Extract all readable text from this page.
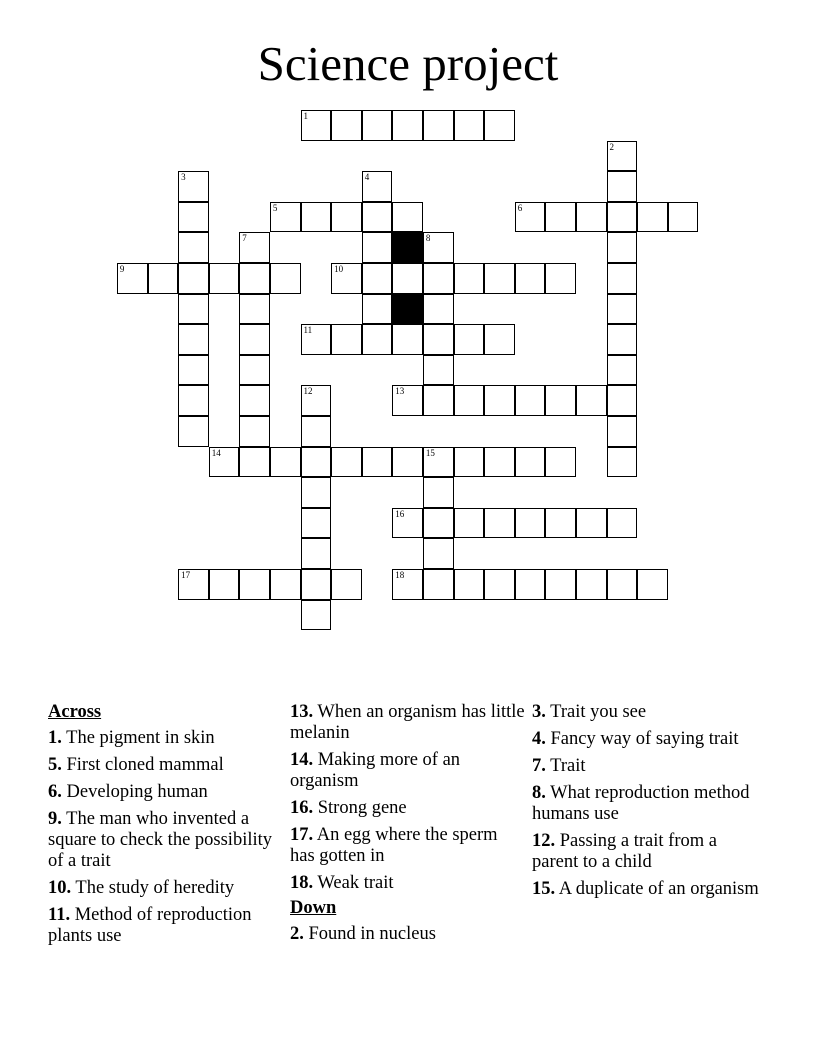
Science project
1
2
3	4
5	6
7	8
9	10
11
12	13
14	15
16
17	18
Across
1. The pigment in skin
5. First cloned mammal
6. Developing human
9. The man who invented a square to check the possibility of a trait
10. The study of heredity
11. Method of reproduction plants use
13. When an organism has little melanin
14. Making more of an organism
16. Strong gene
17. An egg where the sperm has gotten in
18. Weak trait
Down
2. Found in nucleus
3. Trait you see
4. Fancy way of saying trait
7. Trait
8. What reproduction method humans use
12. Passing a trait from a parent to a child
15. A duplicate of an organism
